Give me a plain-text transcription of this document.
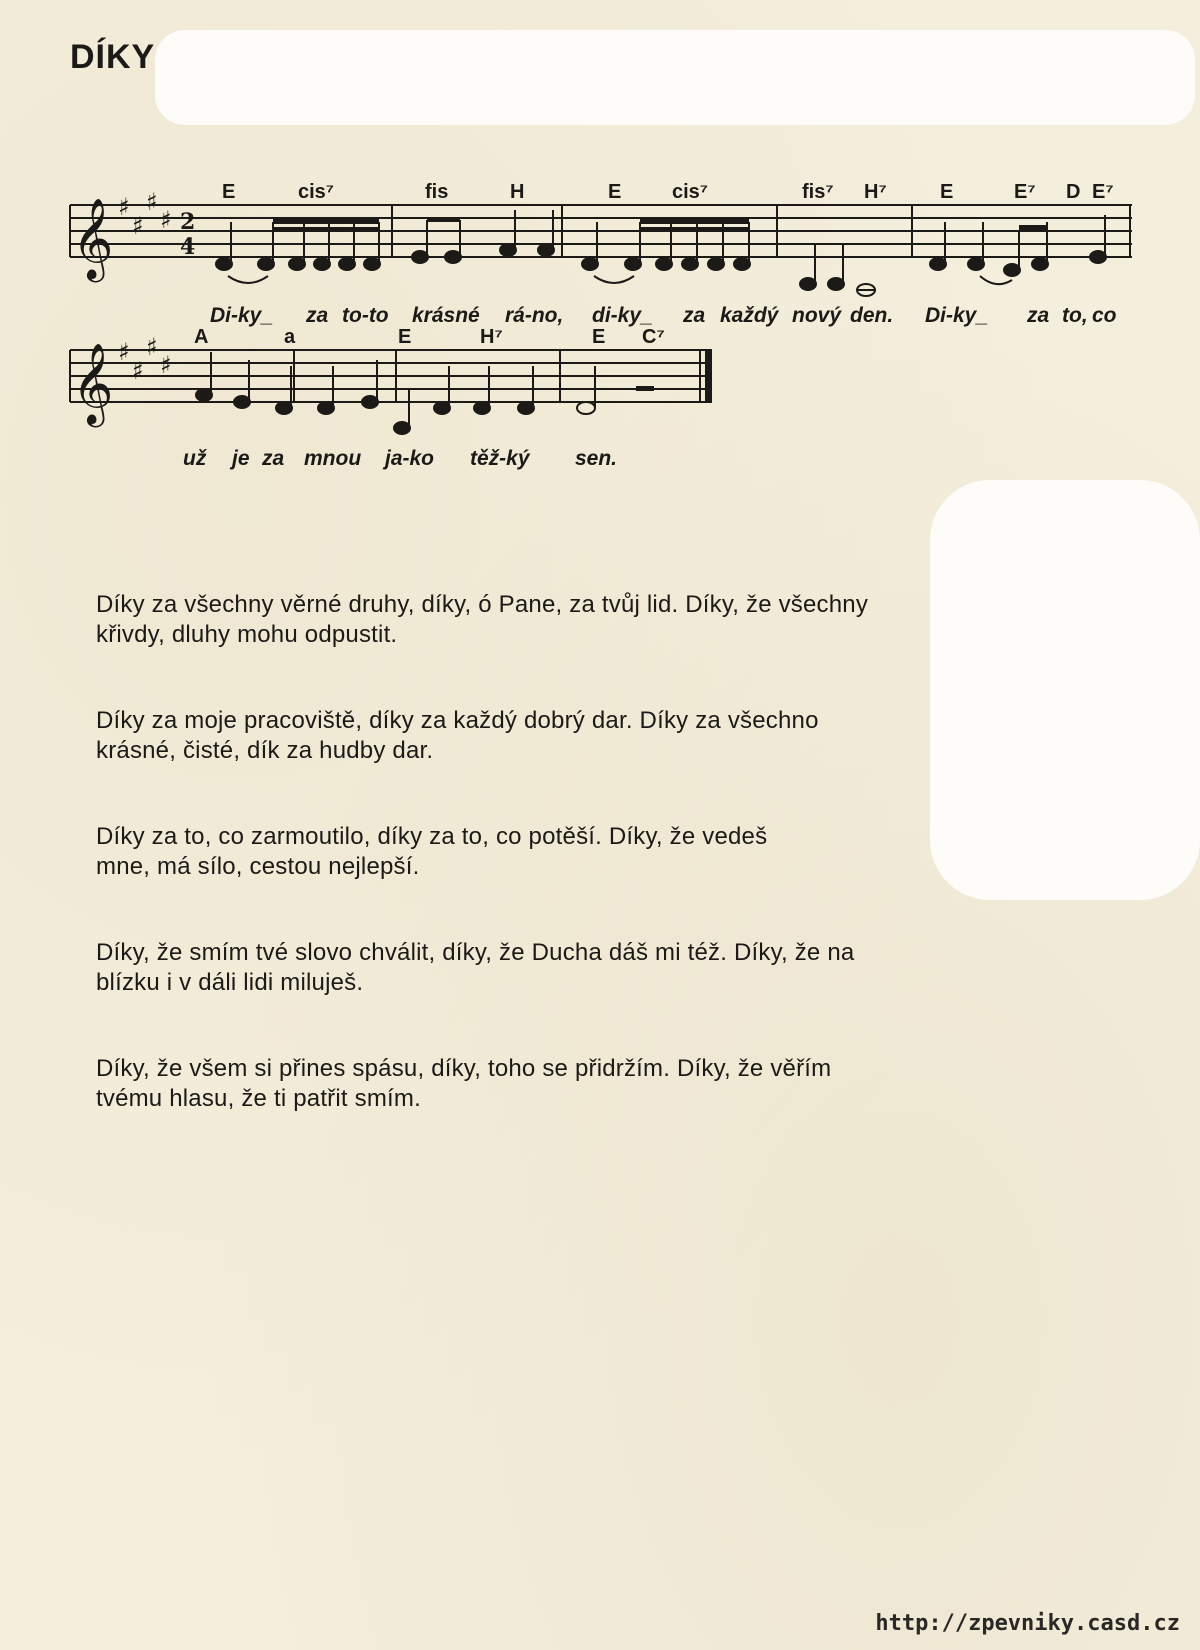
DÍKY
𝄞 ♯
♯
♯
♯ 2
4
E	cis⁷	fis	H	E	cis⁷	fis⁷ H⁷	E	E⁷ D E⁷
Di-ky_ za to-to krásné rá-no, di-ky_ za každý nový den. Di-ky_ za to, co
𝄞 ♯
♯
♯
♯
A	a	E	H⁷	E C⁷
už je za mnou ja-ko těž-ký sen.

Díky za všechny věrné druhy, díky, ó Pane, za tvůj lid. Díky, že všechny
křivdy, dluhy mohu odpustit.

Díky za moje pracoviště, díky za každý dobrý dar. Díky za všechno
krásné, čisté, dík za hudby dar.

Díky za to, co zarmoutilo, díky za to, co potěší. Díky, že vedeš
mne, má sílo, cestou nejlepší.

Díky, že smím tvé slovo chválit, díky, že Ducha dáš mi též. Díky, že na
blízku i v dáli lidi miluješ.

Díky, že všem si přines spásu, díky, toho se přidržím. Díky, že věřím
tvému hlasu, že ti patřit smím.

http://zpevniky.casd.cz
